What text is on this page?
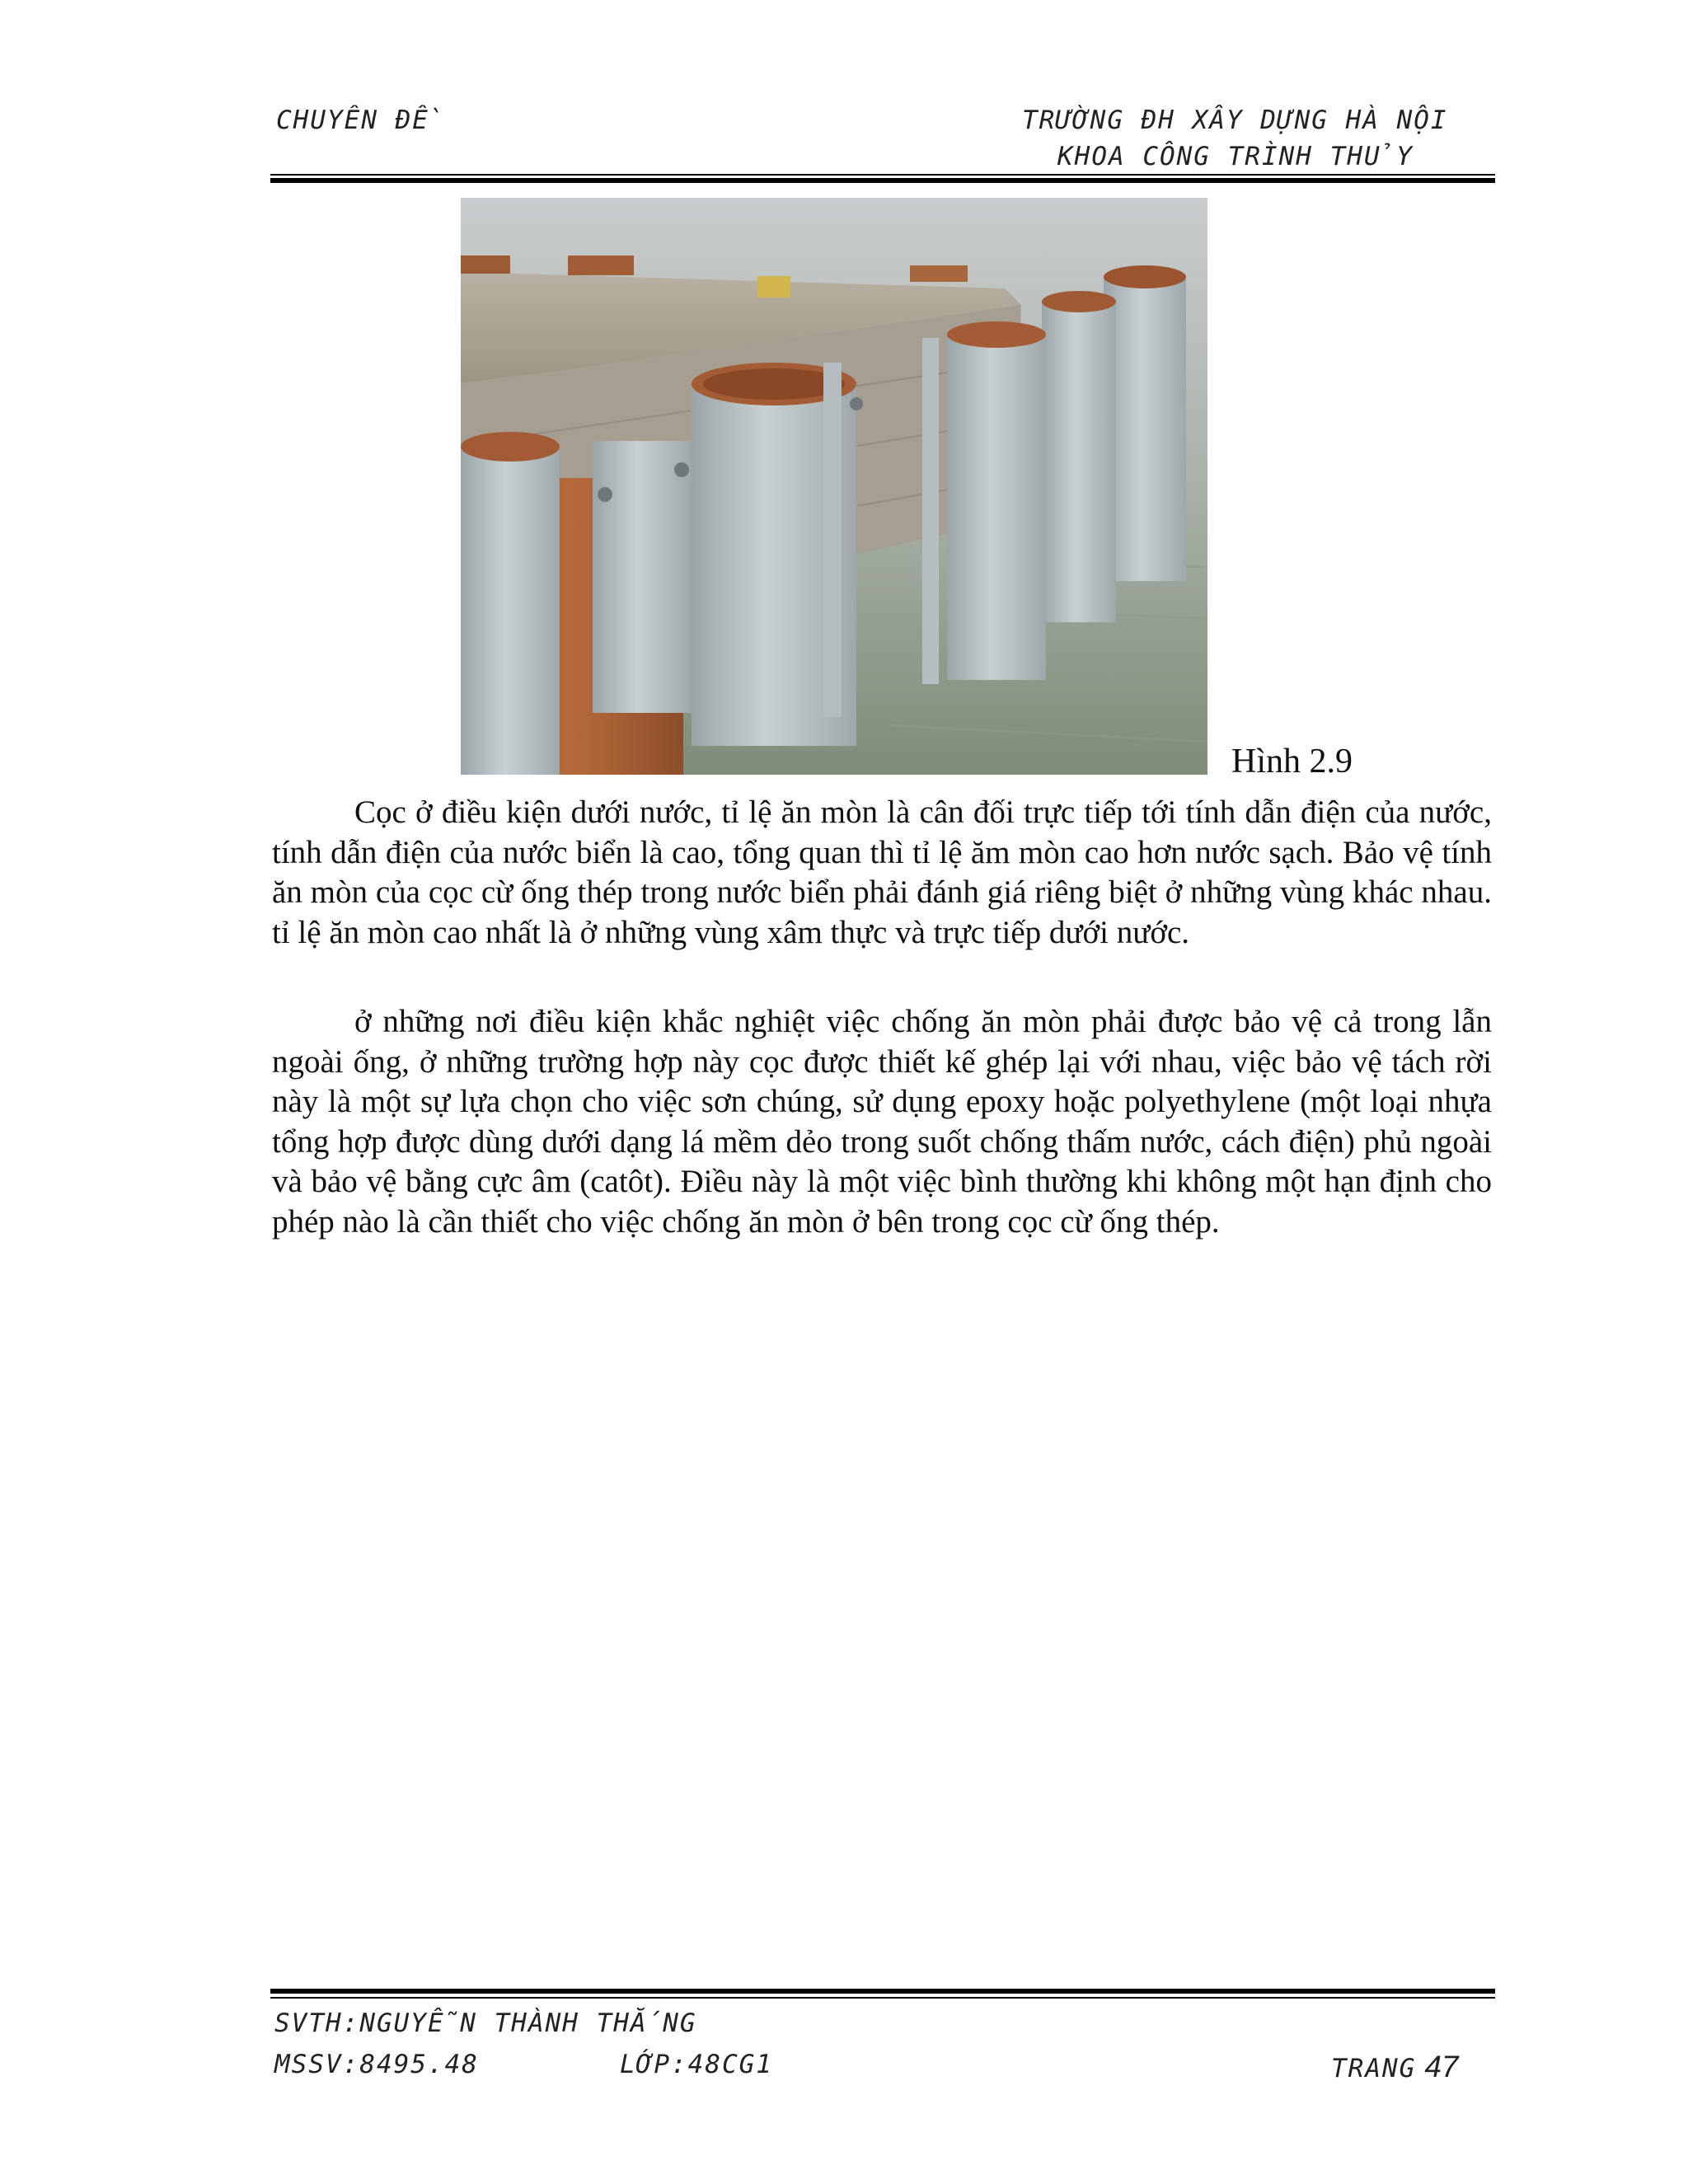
CHUYÊN ĐỀ	TRƯỜNG ĐH XÂY DỰNG HÀ NỘI
KHOA CÔNG TRÌNH THỦY
Hình 2.9

Cọc ở điều kiện dưới nước, tỉ lệ ăn mòn là cân đối trực tiếp tới tính dẫn điện của nước, tính dẫn điện của nước biển là cao, tổng quan thì tỉ lệ ăm mòn cao hơn nước sạch. Bảo vệ tính ăn mòn của cọc cừ ống thép trong nước biển phải đánh giá riêng biệt ở những vùng khác nhau. tỉ lệ ăn mòn cao nhất là ở những vùng xâm thực và trực tiếp dưới nước.

ở những nơi điều kiện khắc nghiệt việc chống ăn mòn phải được bảo vệ cả trong lẫn ngoài ống, ở những trường hợp này cọc được thiết kế ghép lại với nhau, việc bảo vệ tách rời này là một sự lựa chọn cho việc sơn chúng, sử dụng epoxy hoặc polyethylene (một loại nhựa tổng hợp được dùng dưới dạng lá mềm dẻo trong suốt chống thấm nước, cách điện) phủ ngoài và bảo vệ bằng cực âm (catôt). Điều này là một việc bình thường khi không một hạn định cho phép nào là cần thiết cho việc chống ăn mòn ở bên trong cọc cừ ống thép.

SVTH:NGUYỄN THÀNH THẮNG
MSSV:8495.48	LỚP:48CG1	TRANG 47
